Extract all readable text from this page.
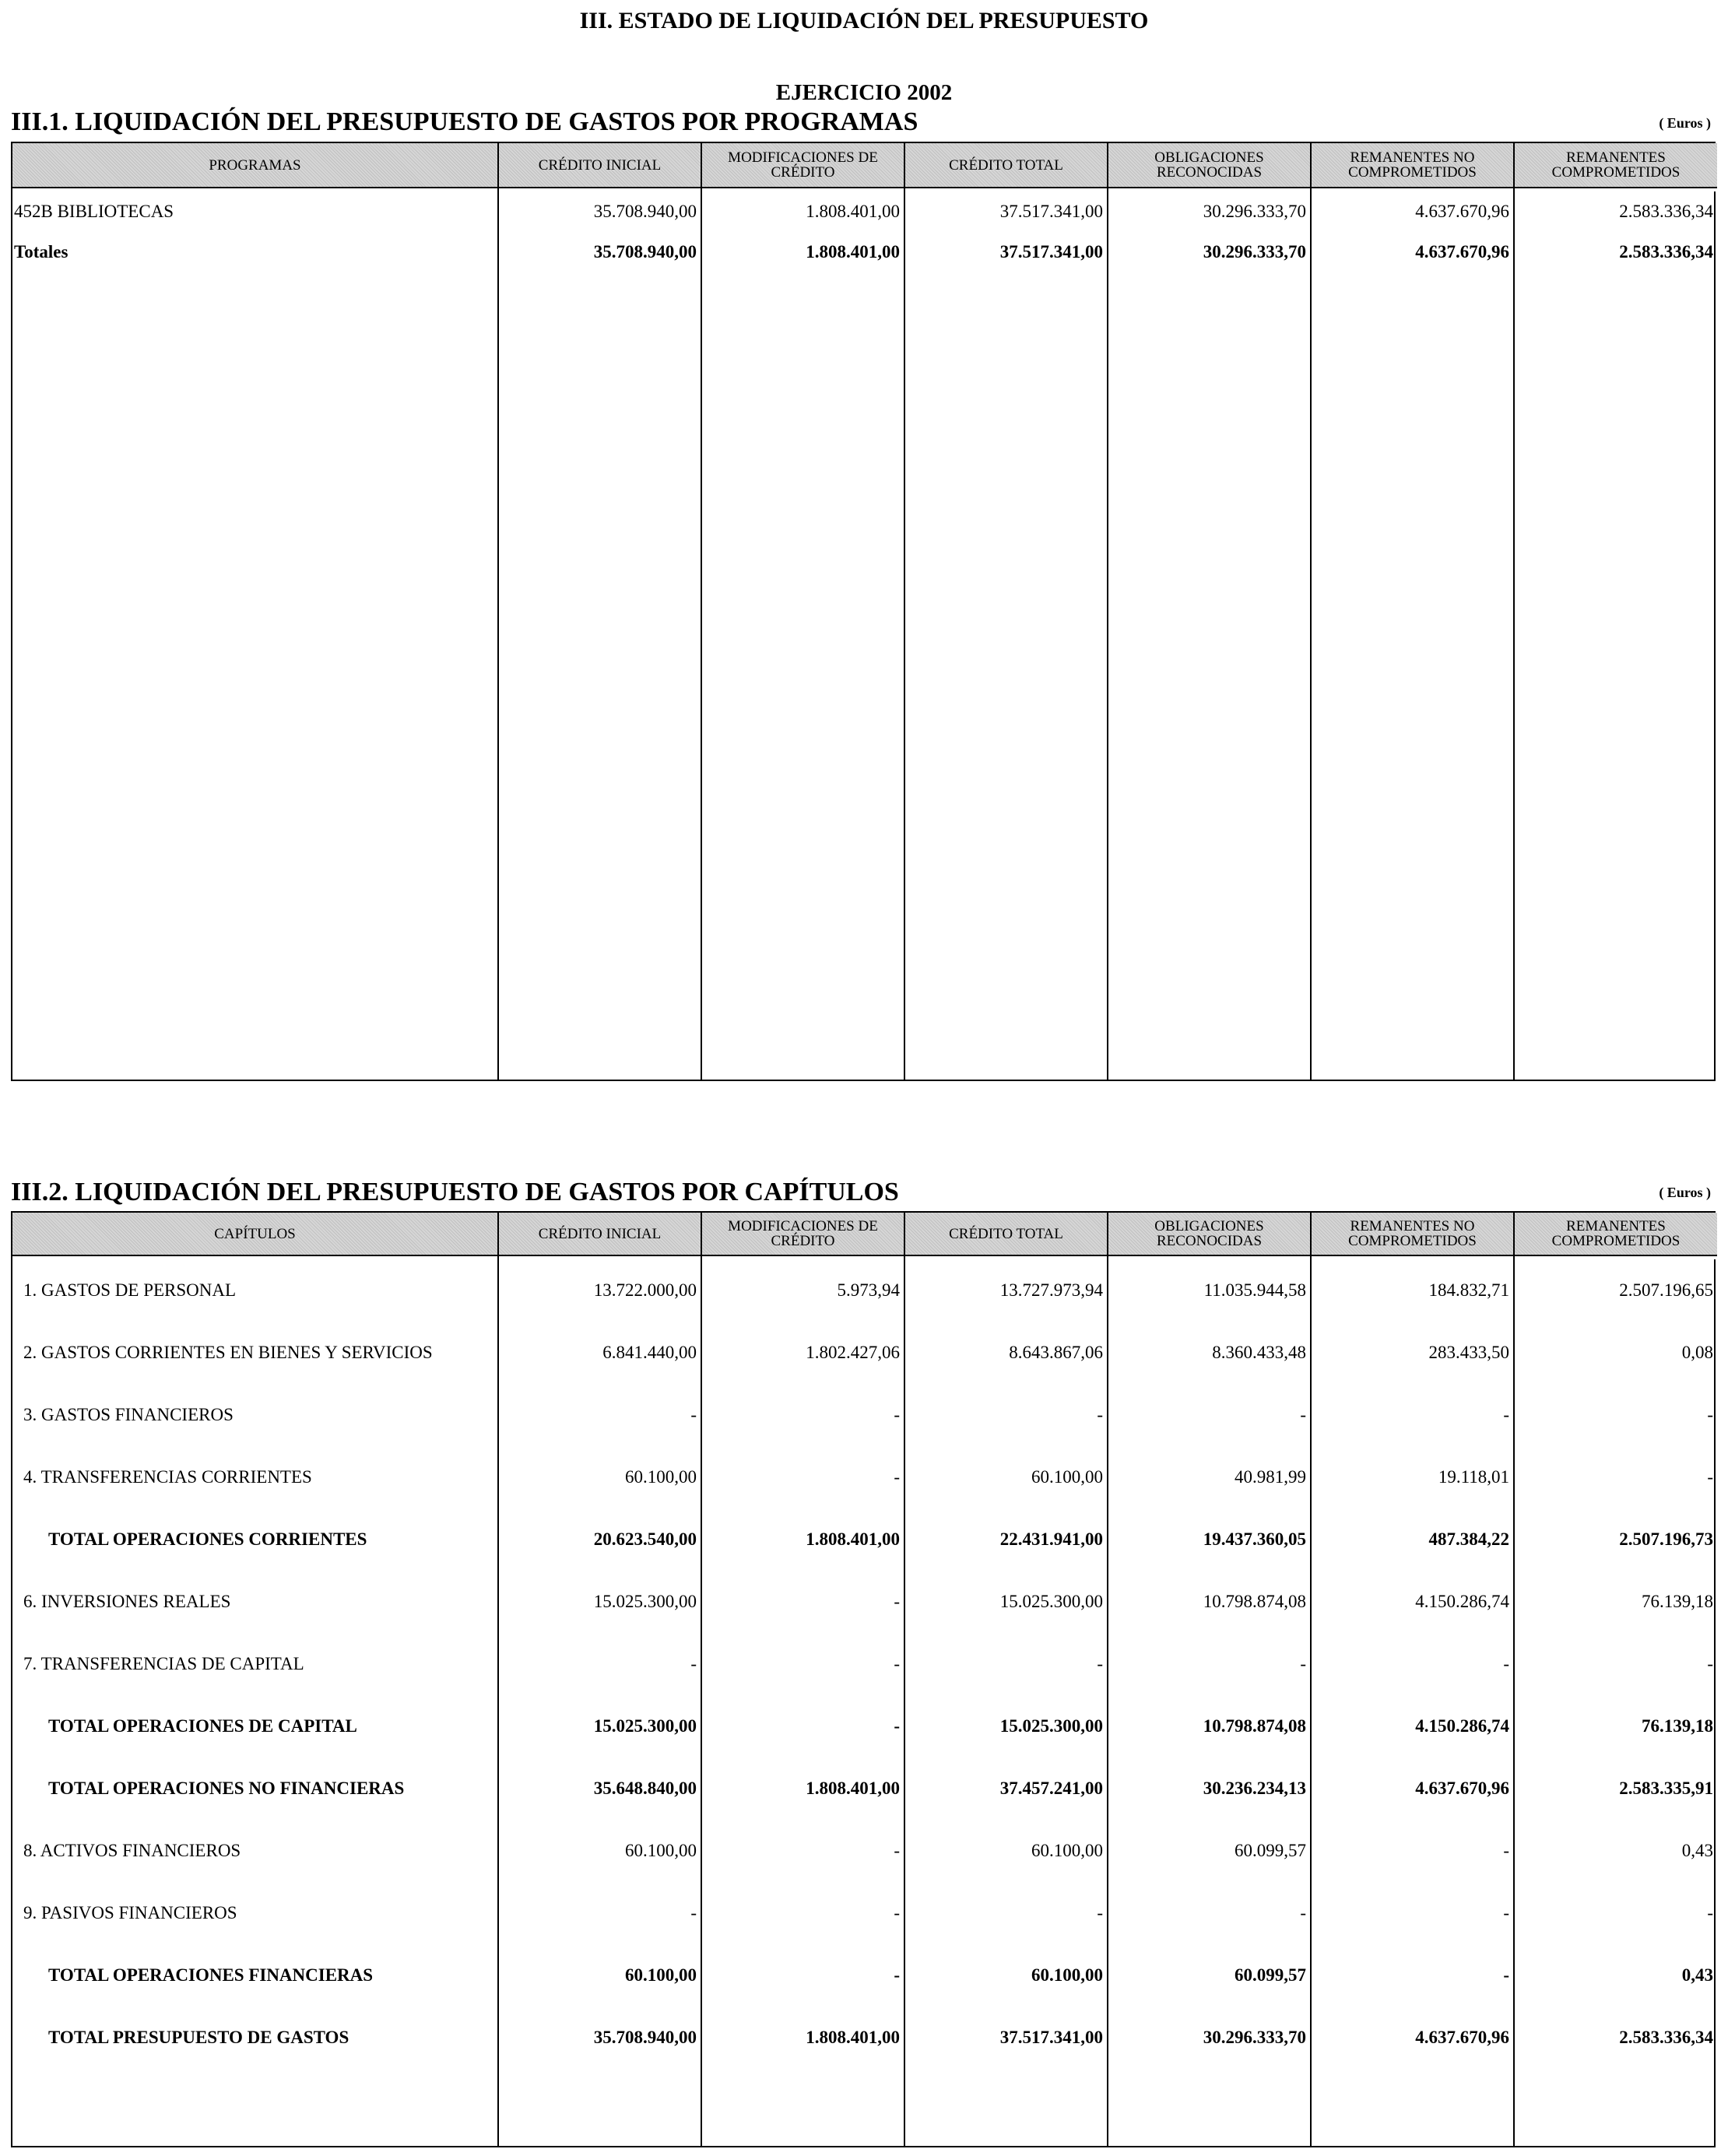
III. ESTADO DE LIQUIDACIÓN DEL PRESUPUESTO
EJERCICIO 2002
III.1. LIQUIDACIÓN DEL PRESUPUESTO DE GASTOS POR PROGRAMAS	( Euros )
PROGRAMAS	CRÉDITO INICIAL	MODIFICACIONES DE CRÉDITO	CRÉDITO TOTAL	OBLIGACIONES RECONOCIDAS	REMANENTES NO COMPROMETIDOS	REMANENTES COMPROMETIDOS

452B BIBLIOTECAS	35.708.940,00	1.808.401,00	37.517.341,00	30.296.333,70	4.637.670,96	2.583.336,34
Totales	35.708.940,00	1.808.401,00	37.517.341,00	30.296.333,70	4.637.670,96	2.583.336,34

III.2. LIQUIDACIÓN DEL PRESUPUESTO DE GASTOS POR CAPÍTULOS	( Euros )
CAPÍTULOS	CRÉDITO INICIAL	MODIFICACIONES DE CRÉDITO	CRÉDITO TOTAL	OBLIGACIONES RECONOCIDAS	REMANENTES NO COMPROMETIDOS	REMANENTES COMPROMETIDOS

1. GASTOS DE PERSONAL	13.722.000,00	5.973,94	13.727.973,94	11.035.944,58	184.832,71	2.507.196,65
2. GASTOS CORRIENTES EN BIENES Y SERVICIOS	6.841.440,00	1.802.427,06	8.643.867,06	8.360.433,48	283.433,50	0,08
3. GASTOS FINANCIEROS	-	-	-	-	-	-
4. TRANSFERENCIAS CORRIENTES	60.100,00	-	60.100,00	40.981,99	19.118,01	-
TOTAL OPERACIONES CORRIENTES	20.623.540,00	1.808.401,00	22.431.941,00	19.437.360,05	487.384,22	2.507.196,73
6. INVERSIONES REALES	15.025.300,00	-	15.025.300,00	10.798.874,08	4.150.286,74	76.139,18
7. TRANSFERENCIAS DE CAPITAL	-	-	-	-	-	-
TOTAL OPERACIONES DE CAPITAL	15.025.300,00	-	15.025.300,00	10.798.874,08	4.150.286,74	76.139,18
TOTAL OPERACIONES NO FINANCIERAS	35.648.840,00	1.808.401,00	37.457.241,00	30.236.234,13	4.637.670,96	2.583.335,91
8. ACTIVOS FINANCIEROS	60.100,00	-	60.100,00	60.099,57	-	0,43
9. PASIVOS FINANCIEROS	-	-	-	-	-	-
TOTAL OPERACIONES FINANCIERAS	60.100,00	-	60.100,00	60.099,57	-	0,43
TOTAL PRESUPUESTO DE GASTOS	35.708.940,00	1.808.401,00	37.517.341,00	30.296.333,70	4.637.670,96	2.583.336,34
